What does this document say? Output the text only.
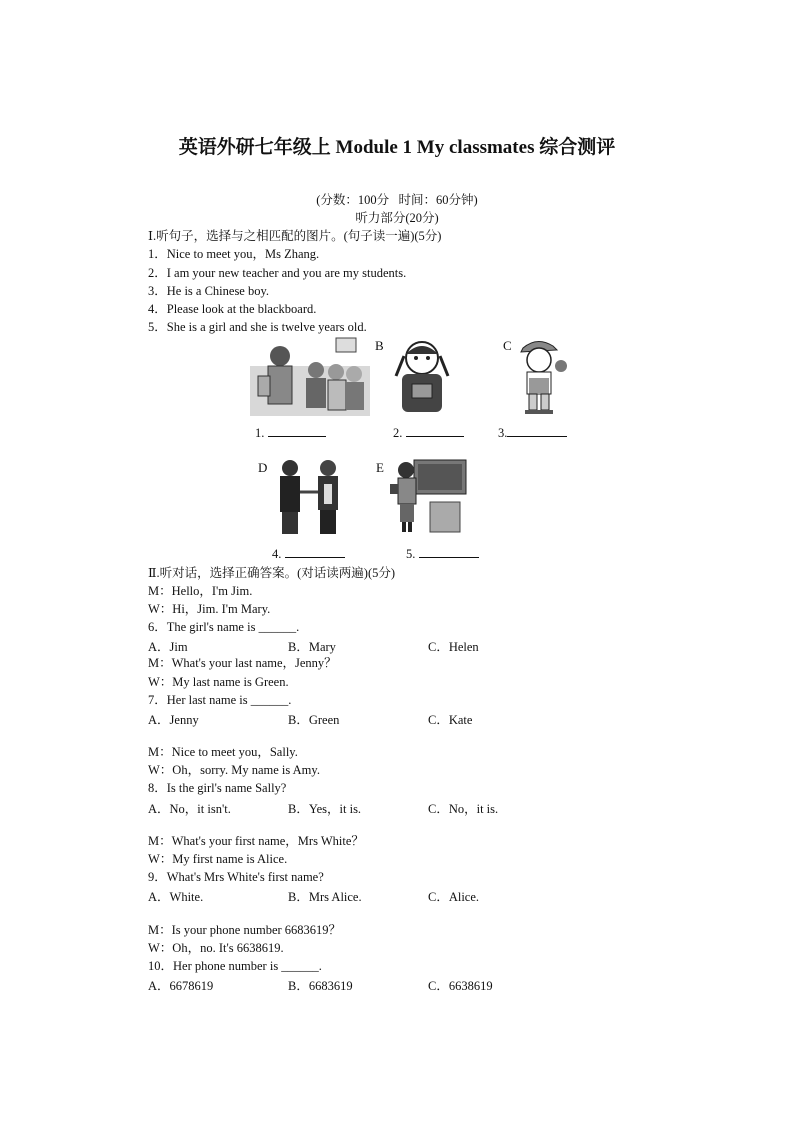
英语外研七年级上 Module 1 My classmates 综合测评
(分数：100分   时间：60分钟)
听力部分(20分)
Ⅰ.听句子，选择与之相匹配的图片。(句子读一遍)(5分)
1．Nice to meet you，Ms Zhang.
2．I am your new teacher and you are my students.
3．He is a Chinese boy.
4．Please look at the blackboard.
5．She is a girl and she is twelve years old.
B	C
1.	2.	3.
D	E
4.	5.
Ⅱ.听对话，选择正确答案。(对话读两遍)(5分)
M：Hello，I'm Jim.
W：Hi，Jim. I'm Mary.
6．The girl's name is ______.
A．Jim	B．Mary	C．Helen
M：What's your last name，Jenny？
W：My last name is Green.
7．Her last name is ______.
A．Jenny	B．Green	C．Kate
M：Nice to meet you，Sally.
W：Oh，sorry. My name is Amy.
8．Is the girl's name Sally?
A．No，it isn't.	B．Yes，it is.	C．No，it is.
M：What's your first name，Mrs White？
W：My first name is Alice.
9．What's Mrs White's first name?
A．White.	B．Mrs Alice.	C．Alice.
M：Is your phone number 6683619？
W：Oh，no. It's 6638619.
10．Her phone number is ______.
A．6678619	B．6683619	C．6638619
